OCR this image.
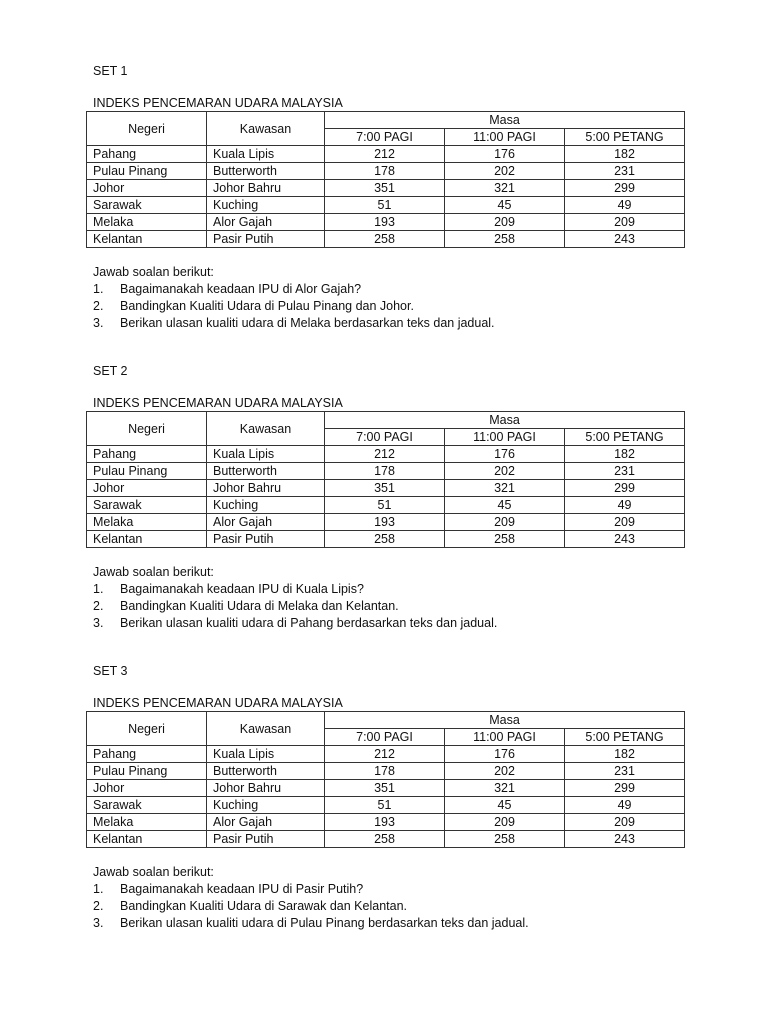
SET 1
INDEKS PENCEMARAN UDARA MALAYSIA
Negeri	Kawasan	Masa		
		7:00 PAGI	11:00 PAGI	5:00 PETANG
Pahang	Kuala Lipis	212	176	182
Pulau Pinang	Butterworth	178	202	231
Johor	Johor Bahru	351	321	299
Sarawak	Kuching	51	45	49
Melaka	Alor Gajah	193	209	209
Kelantan	Pasir Putih	258	258	243
Jawab soalan berikut:
1. Bagaimanakah keadaan IPU di Alor Gajah?
2. Bandingkan Kualiti Udara di Pulau Pinang dan Johor.
3. Berikan ulasan kualiti udara di Melaka berdasarkan teks dan jadual.
SET 2
INDEKS PENCEMARAN UDARA MALAYSIA
Negeri	Kawasan	Masa		
		7:00 PAGI	11:00 PAGI	5:00 PETANG
Pahang	Kuala Lipis	212	176	182
Pulau Pinang	Butterworth	178	202	231
Johor	Johor Bahru	351	321	299
Sarawak	Kuching	51	45	49
Melaka	Alor Gajah	193	209	209
Kelantan	Pasir Putih	258	258	243
Jawab soalan berikut:
1. Bagaimanakah keadaan IPU di Kuala Lipis?
2. Bandingkan Kualiti Udara di Melaka dan Kelantan.
3. Berikan ulasan kualiti udara di Pahang berdasarkan teks dan jadual.
SET 3
INDEKS PENCEMARAN UDARA MALAYSIA
Negeri	Kawasan	Masa		
		7:00 PAGI	11:00 PAGI	5:00 PETANG
Pahang	Kuala Lipis	212	176	182
Pulau Pinang	Butterworth	178	202	231
Johor	Johor Bahru	351	321	299
Sarawak	Kuching	51	45	49
Melaka	Alor Gajah	193	209	209
Kelantan	Pasir Putih	258	258	243
Jawab soalan berikut:
1. Bagaimanakah keadaan IPU di Pasir Putih?
2. Bandingkan Kualiti Udara di Sarawak dan Kelantan.
3. Berikan ulasan kualiti udara di Pulau Pinang berdasarkan teks dan jadual.
